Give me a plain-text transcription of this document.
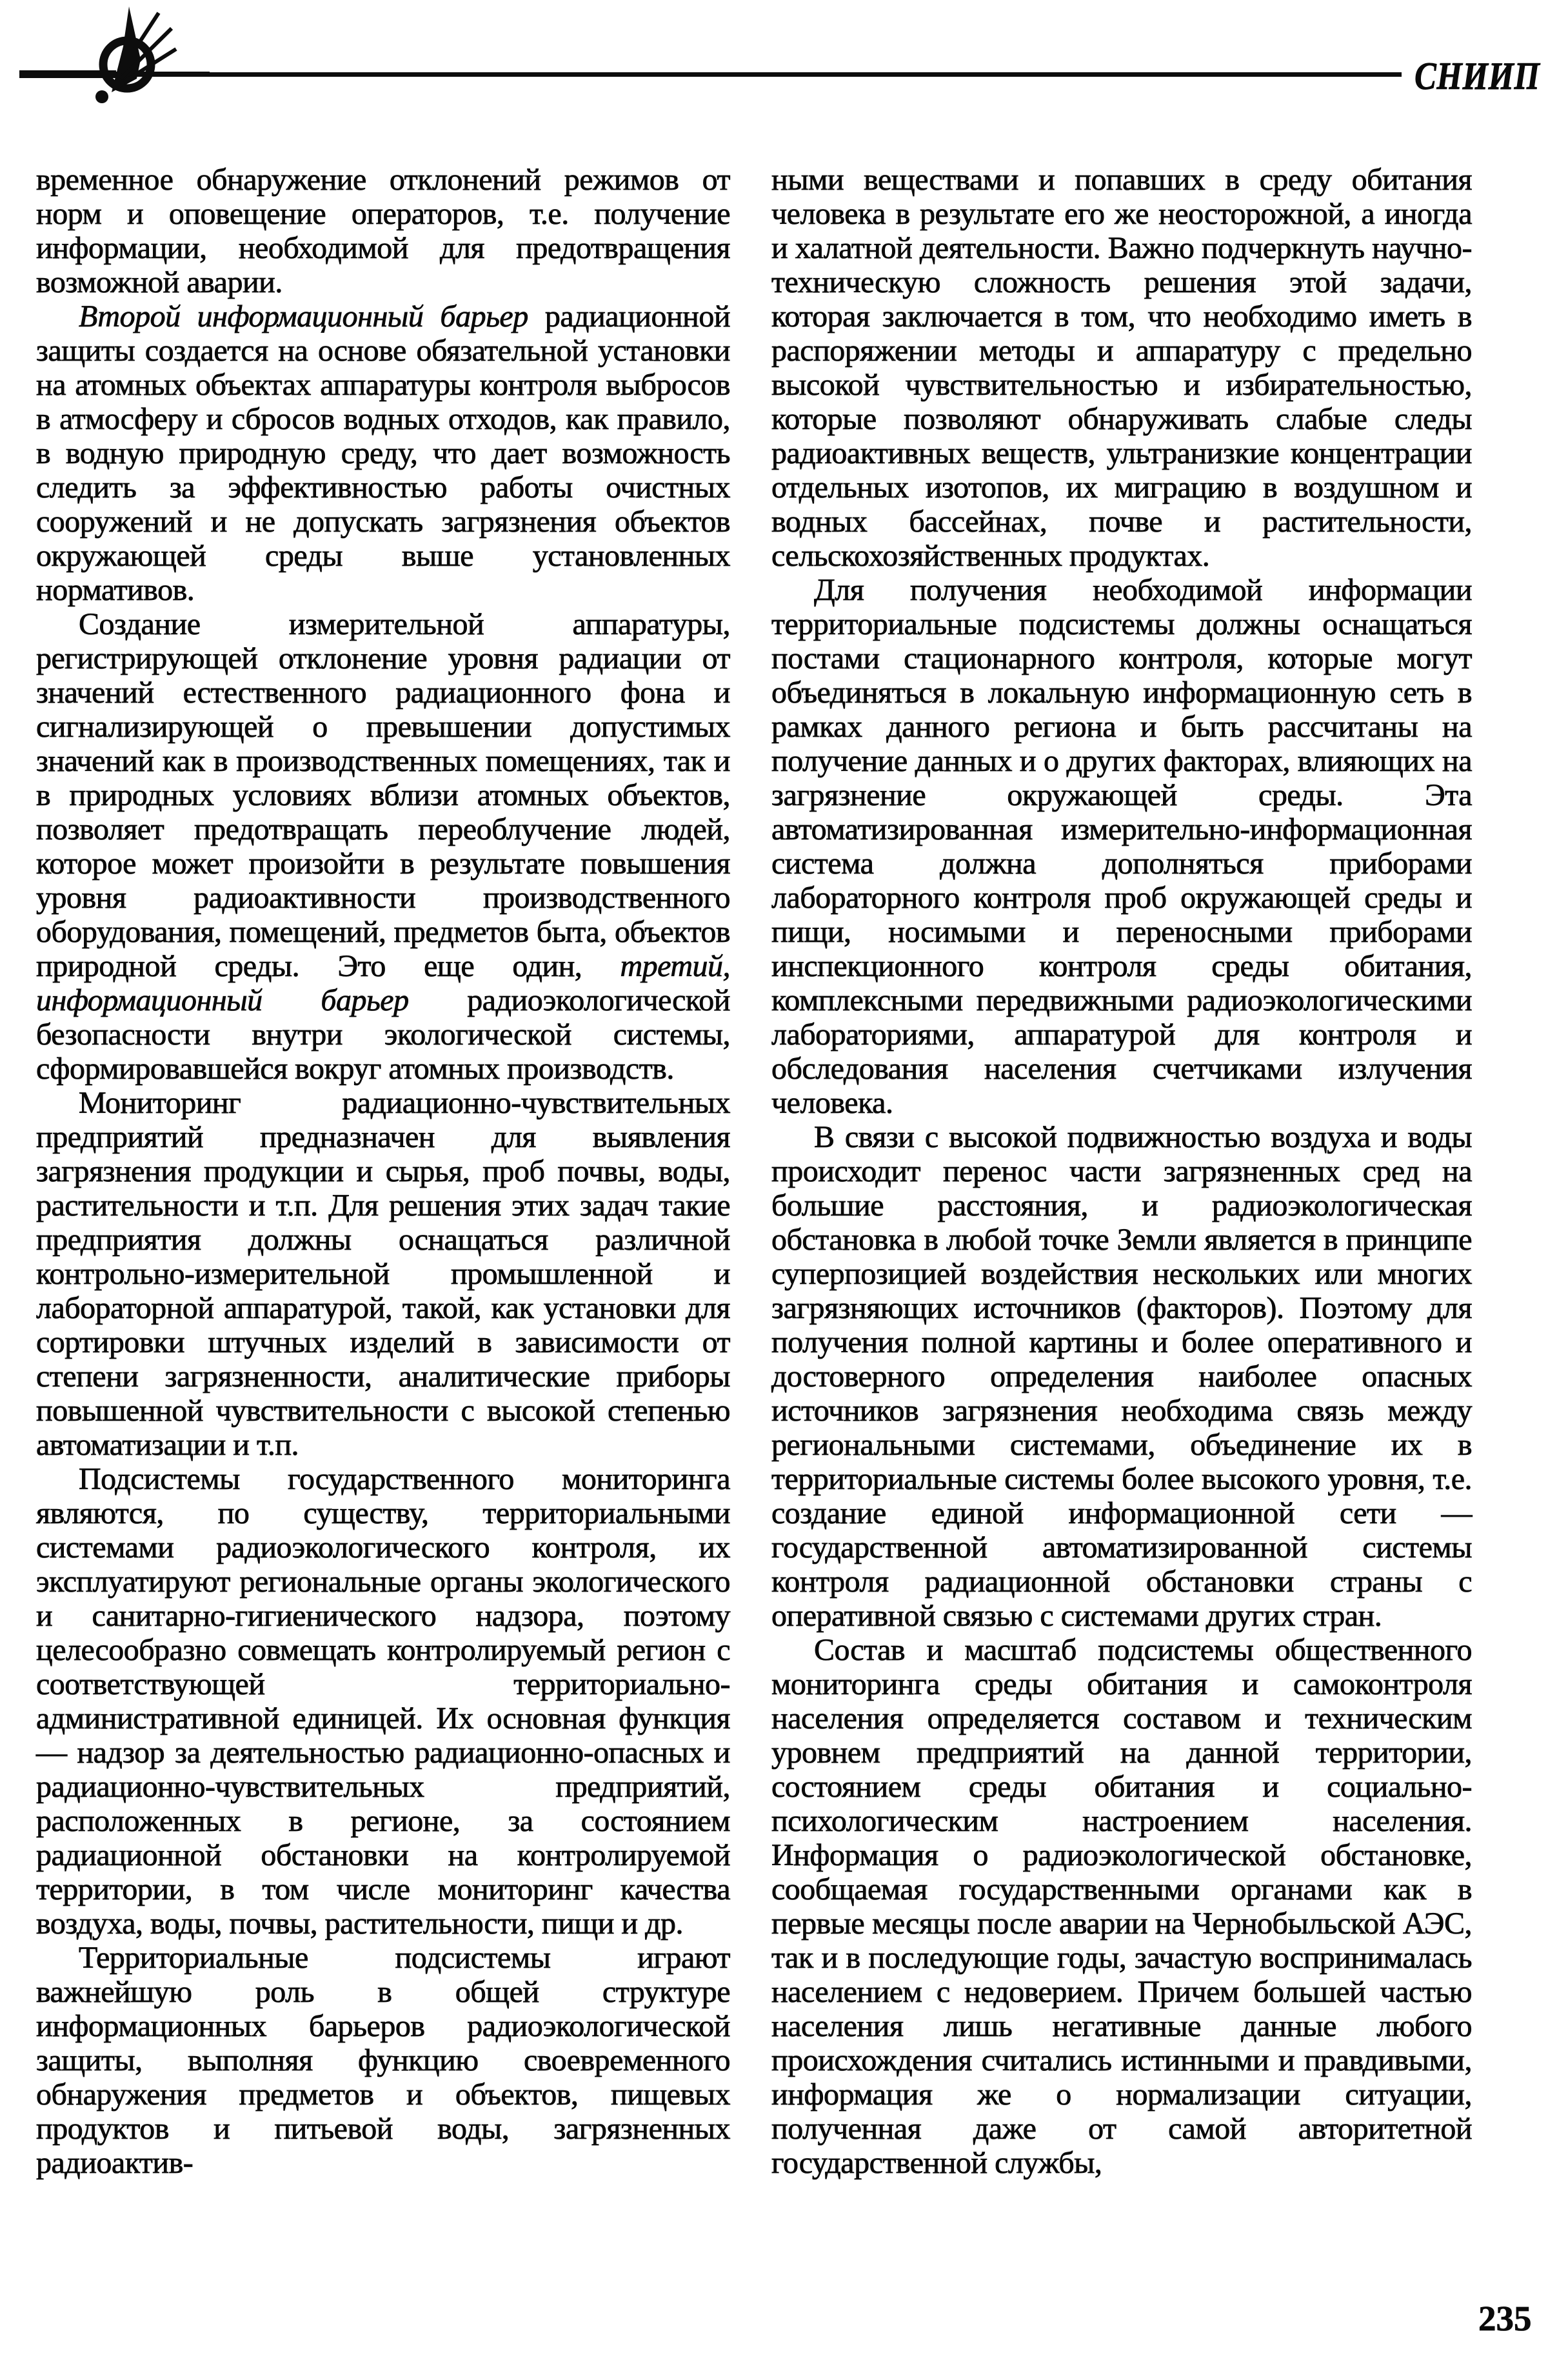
СНИИП

временное обнаружение отклонений режимов от норм и оповещение операторов, т.е. получение информации, необходимой для предотвращения возможной аварии.

Второй информационный барьер радиационной защиты создается на основе обязательной установки на атомных объектах аппаратуры контроля выбросов в атмосферу и сбросов водных отходов, как правило, в водную природную среду, что дает возможность следить за эффективностью работы очистных сооружений и не допускать загрязнения объектов окружающей среды выше установленных нормативов.

Создание измерительной аппаратуры, регистрирующей отклонение уровня радиации от значений естественного радиационного фона и сигнализирующей о превышении допустимых значений как в производственных помещениях, так и в природных условиях вблизи атомных объектов, позволяет предотвращать переоблучение людей, которое может произойти в результате повышения уровня радиоактивности производственного оборудования, помещений, предметов быта, объектов природной среды. Это еще один, третий, информационный барьер радиоэкологической безопасности внутри экологической системы, сформировавшейся вокруг атомных производств.

Мониторинг радиационно-чувствительных предприятий предназначен для выявления загрязнения продукции и сырья, проб почвы, воды, растительности и т.п. Для решения этих задач такие предприятия должны оснащаться различной контрольно-измерительной промышленной и лабораторной аппаратурой, такой, как установки для сортировки штучных изделий в зависимости от степени загрязненности, аналитические приборы повышенной чувствительности с высокой степенью автоматизации и т.п.

Подсистемы государственного мониторинга являются, по существу, территориальными системами радиоэкологического контроля, их эксплуатируют региональные органы экологического и санитарно-гигиенического надзора, поэтому целесообразно совмещать контролируемый регион с соответствующей территориально-административной единицей. Их основная функция — надзор за деятельностью радиационно-опасных и радиационно-чувствительных предприятий, расположенных в регионе, за состоянием радиационной обстановки на контролируемой территории, в том числе мониторинг качества воздуха, воды, почвы, растительности, пищи и др.

Территориальные подсистемы играют важнейшую роль в общей структуре информационных барьеров радиоэкологической защиты, выполняя функцию своевременного обнаружения предметов и объектов, пищевых продуктов и питьевой воды, загрязненных радиоактив-

ными веществами и попавших в среду обитания человека в результате его же неосторожной, а иногда и халатной деятельности. Важно подчеркнуть научно-техническую сложность решения этой задачи, которая заключается в том, что необходимо иметь в распоряжении методы и аппаратуру с предельно высокой чувствительностью и избирательностью, которые позволяют обнаруживать слабые следы радиоактивных веществ, ультранизкие концентрации отдельных изотопов, их миграцию в воздушном и водных бассейнах, почве и растительности, сельскохозяйственных продуктах.

Для получения необходимой информации территориальные подсистемы должны оснащаться постами стационарного контроля, которые могут объединяться в локальную информационную сеть в рамках данного региона и быть рассчитаны на получение данных и о других факторах, влияющих на загрязнение окружающей среды. Эта автоматизированная измерительно-информационная система должна дополняться приборами лабораторного контроля проб окружающей среды и пищи, носимыми и переносными приборами инспекционного контроля среды обитания, комплексными передвижными радиоэкологическими лабораториями, аппаратурой для контроля и обследования населения счетчиками излучения человека.

В связи с высокой подвижностью воздуха и воды происходит перенос части загрязненных сред на большие расстояния, и радиоэкологическая обстановка в любой точке Земли является в принципе суперпозицией воздействия нескольких или многих загрязняющих источников (факторов). Поэтому для получения полной картины и более оперативного и достоверного определения наиболее опасных источников загрязнения необходима связь между региональными системами, объединение их в территориальные системы более высокого уровня, т.е. создание единой информационной сети — государственной автоматизированной системы контроля радиационной обстановки страны с оперативной связью с системами других стран.

Состав и масштаб подсистемы общественного мониторинга среды обитания и самоконтроля населения определяется составом и техническим уровнем предприятий на данной территории, состоянием среды обитания и социально-психологическим настроением населения. Информация о радиоэкологической обстановке, сообщаемая государственными органами как в первые месяцы после аварии на Чернобыльской АЭС, так и в последующие годы, зачастую воспринималась населением с недоверием. Причем большей частью населения лишь негативные данные любого происхождения считались истинными и правдивыми, информация же о нормализации ситуации, полученная даже от самой авторитетной государственной службы,

235
